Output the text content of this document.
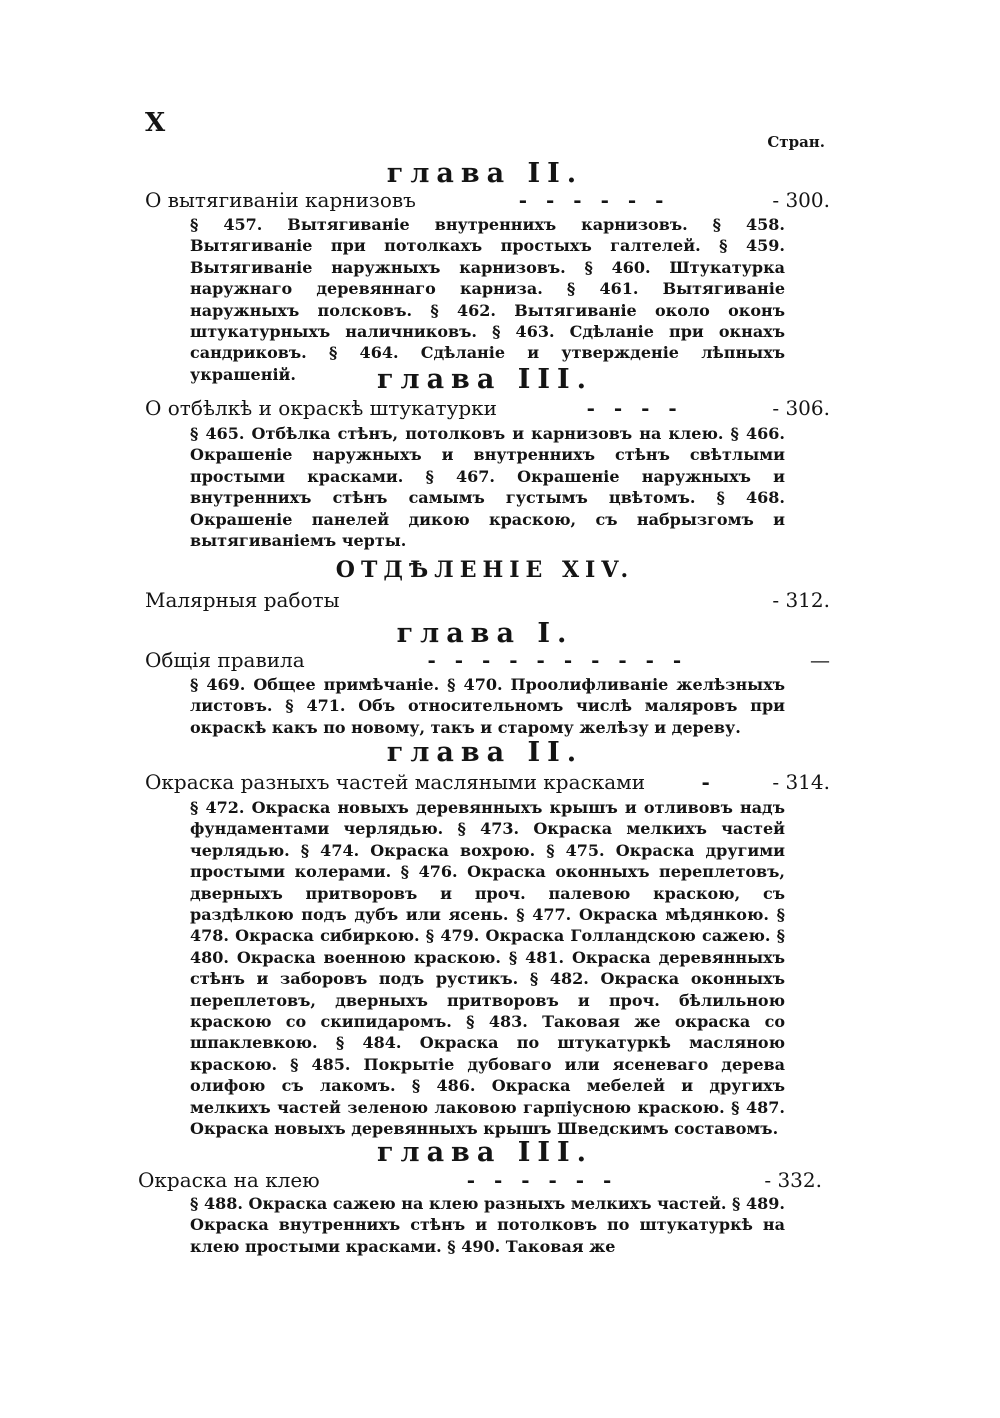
X
Стран.
глава II.
О вытягиванiи карнизовъ	- - - - - -	- 300.
§ 457. Вытягиванiе внутреннихъ карнизовъ. § 458. Вытягиванiе при потолкахъ простыхъ галтелей. § 459. Вытягиванiе наружныхъ карнизовъ. § 460. Штукатурка наружнаго деревяннаго карниза. § 461. Вытягиванiе наружныхъ полсковъ. § 462. Вытягиванiе около оконъ штукатурныхъ наличниковъ. § 463. Сдѣланiе при окнахъ сандриковъ. § 464. Сдѣланiе и утвержденiе лѣпныхъ украшенiй.	глава III.
О отбѣлкѣ и окраскѣ штукатурки	- - - -	- 306.
§ 465. Отбѣлка стѣнъ, потолковъ и карнизовъ на клею. § 466. Окрашенiе наружныхъ и внутреннихъ стѣнъ свѣтлыми простыми красками. § 467. Окрашенiе наружныхъ и внутреннихъ стѣнъ самымъ густымъ цвѣтомъ. § 468. Окрашенiе панелей дикою краскою, съ набрызгомъ и вытягиванiемъ черты.
ОТДѢЛЕНIЕ XIV.
Малярныя работы	- 312.
глава I.
Общiя правила	- - - - - - - - - -	—
§ 469. Общее примѣчанiе. § 470. Проолифливанiе желѣзныхъ листовъ. § 471. Объ относительномъ числѣ маляровъ при окраскѣ какъ по новому, такъ и старому желѣзу и дереву.
глава II.
Окраска разныхъ частей масляными красками	-	- 314.
§ 472. Окраска новыхъ деревянныхъ крышъ и отливовъ надъ фундаментами черлядью. § 473. Окраска мелкихъ частей черлядью. § 474. Окраска вохрою. § 475. Окраска другими простыми колерами. § 476. Окраска оконныхъ переплетовъ, дверныхъ притворовъ и проч. палевою краскою, съ раздѣлкою подъ дубъ или ясень. § 477. Окраска мѣдянкою. § 478. Окраска сибиркою. § 479. Окраска Голландскою сажею. § 480. Окраска военною краскою. § 481. Окраска деревянныхъ стѣнъ и заборовъ подъ рустикъ. § 482. Окраска оконныхъ переплетовъ, дверныхъ притворовъ и проч. бѣлильною краскою со скипидаромъ. § 483. Таковая же окраска со шпаклевкою. § 484. Окраска по штукатуркѣ масляною краскою. § 485. Покрытiе дубоваго или ясеневаго дерева олифою съ лакомъ. § 486. Окраска мебелей и другихъ мелкихъ частей зеленою лаковою гарпiусною краскою. § 487. Окраска новыхъ деревянныхъ крышъ Шведскимъ составомъ.
глава III.
Окраска на клею	- - - - - -	- 332.
§ 488. Окраска сажею на клею разныхъ мелкихъ частей. § 489. Окраска внутреннихъ стѣнъ и потолковъ по штукатуркѣ на клею простыми красками. § 490. Таковая же
